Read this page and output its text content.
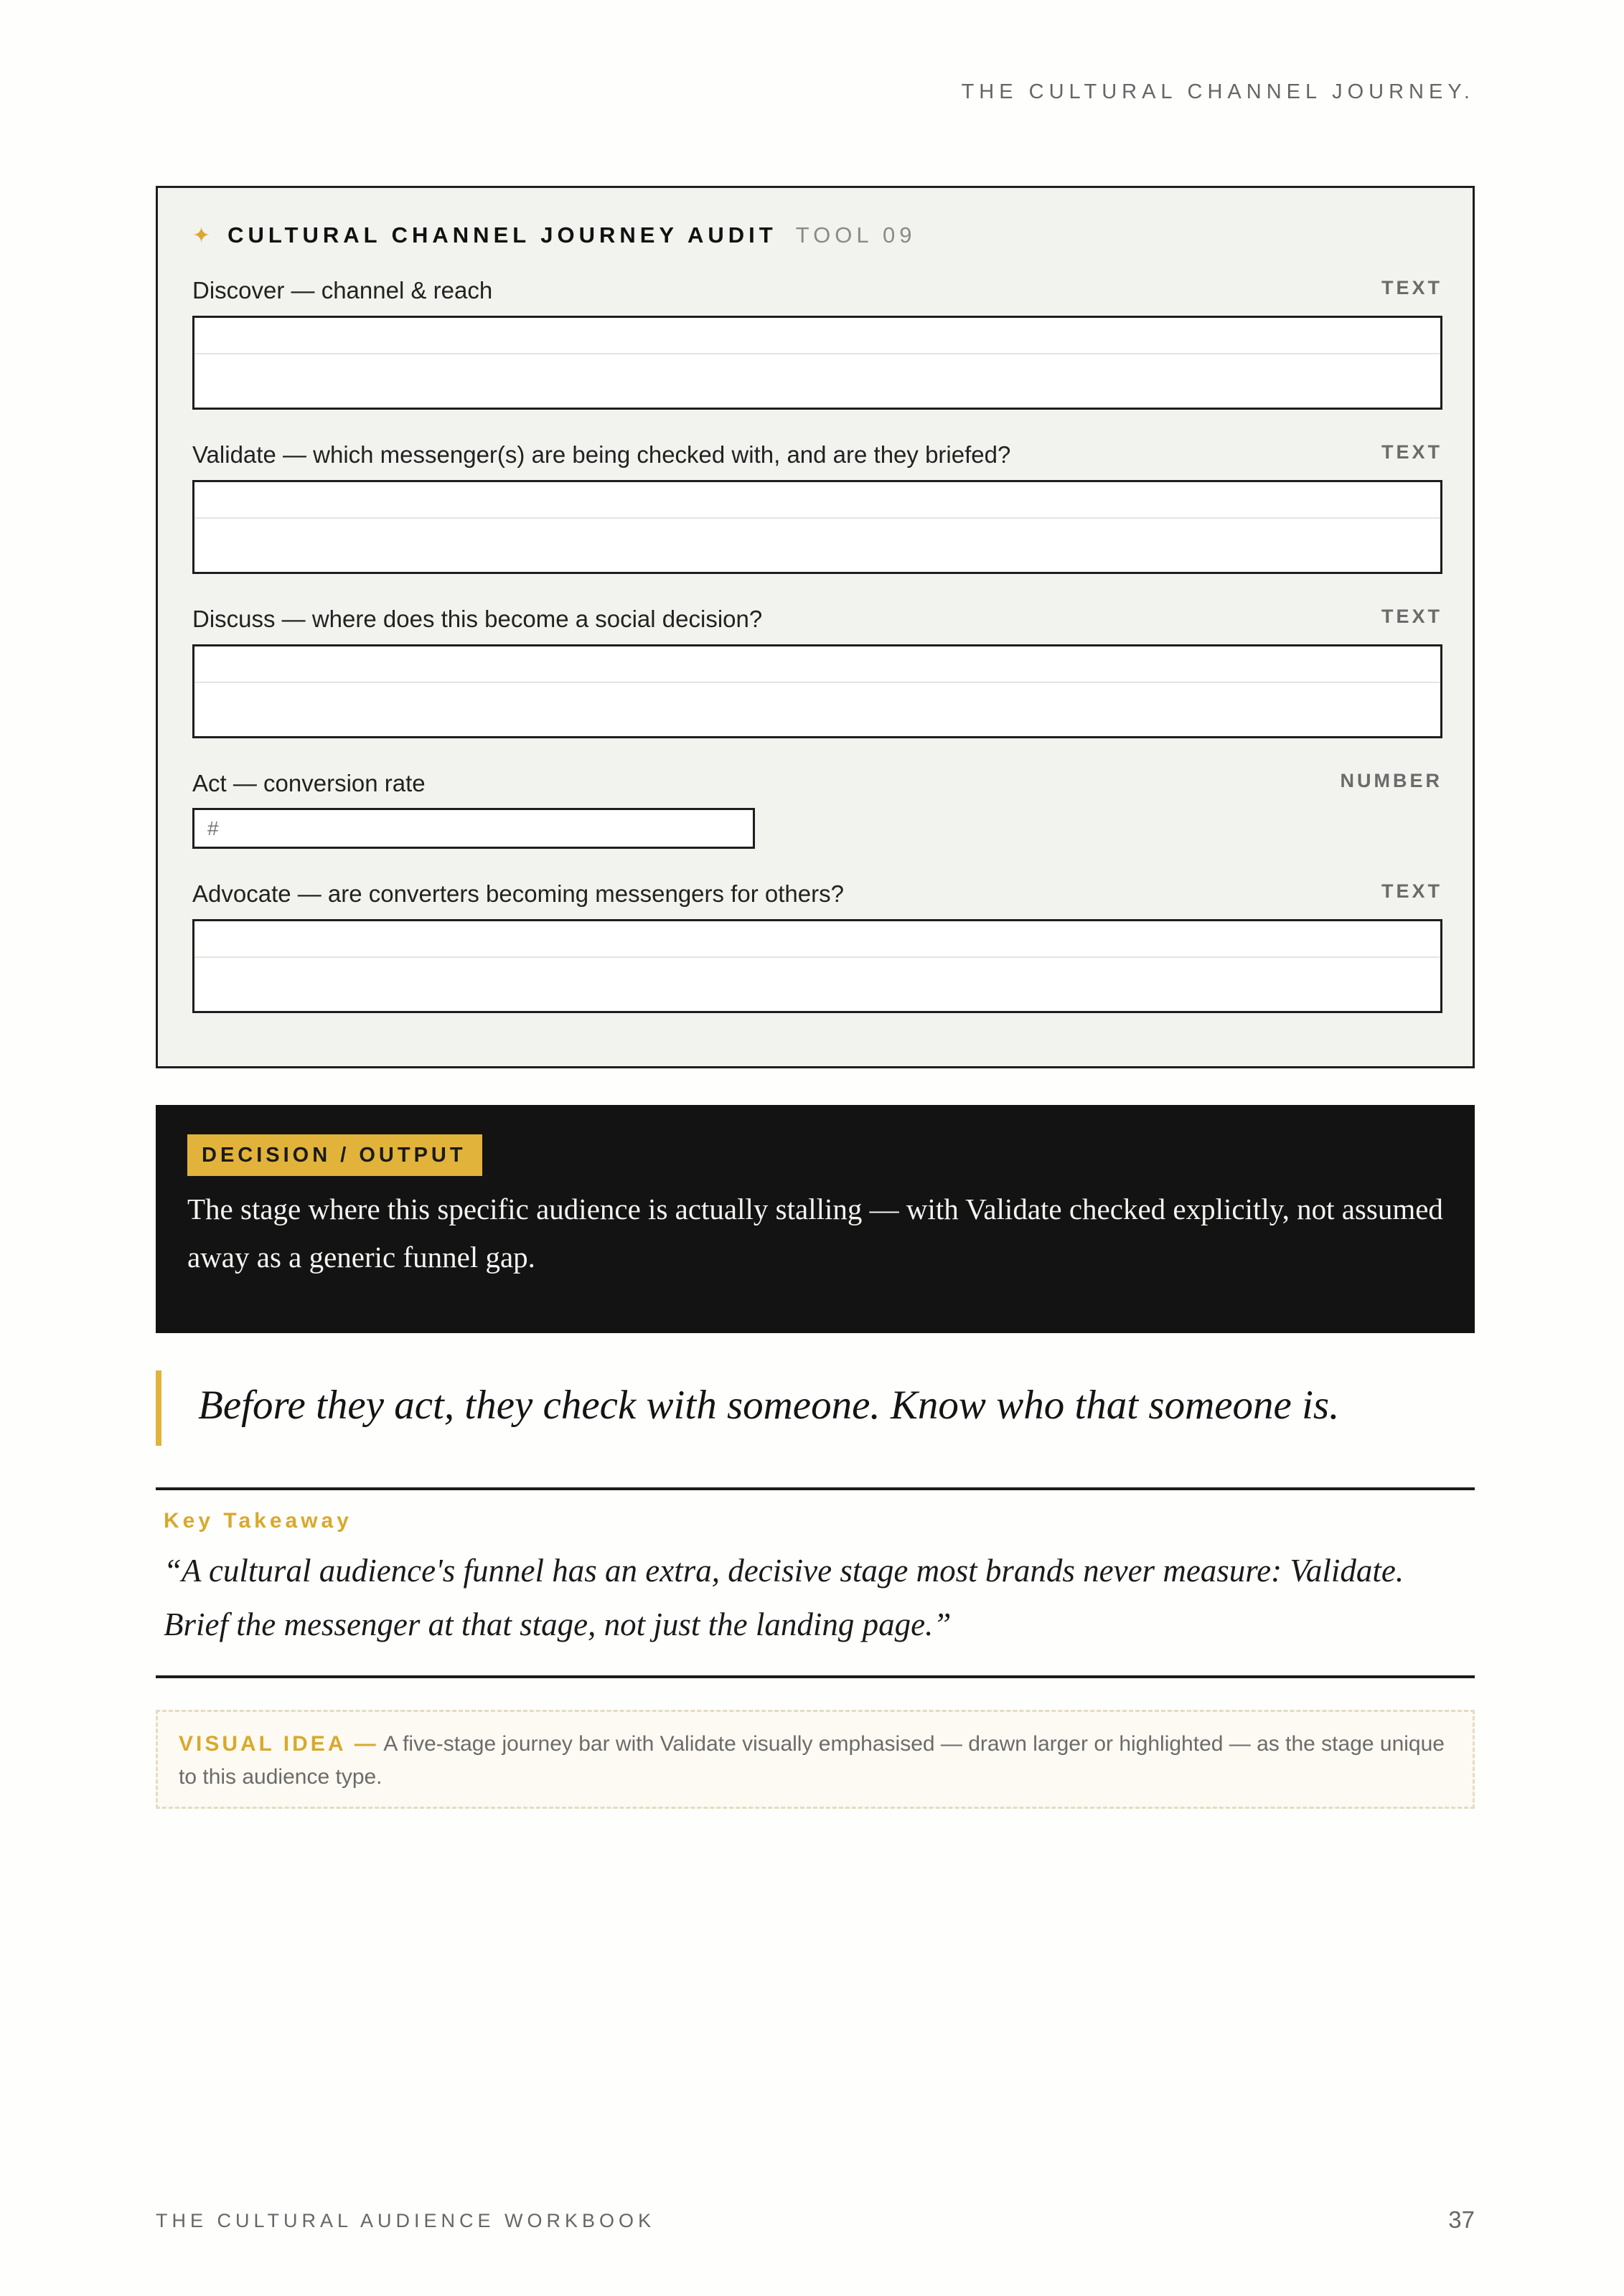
THE CULTURAL CHANNEL JOURNEY.
✦ CULTURAL CHANNEL JOURNEY AUDIT TOOL 09
Discover — channel & reach	TEXT
Validate — which messenger(s) are being checked with, and are they briefed?	TEXT
Discuss — where does this become a social decision?	TEXT
Act — conversion rate	NUMBER
#
Advocate — are converters becoming messengers for others?	TEXT
DECISION / OUTPUT
The stage where this specific audience is actually stalling — with Validate checked explicitly, not assumed away as a generic funnel gap.
Before they act, they check with someone. Know who that someone is.
Key Takeaway
“A cultural audience's funnel has an extra, decisive stage most brands never measure: Validate. Brief the messenger at that stage, not just the landing page.”
VISUAL IDEA — A five-stage journey bar with Validate visually emphasised — drawn larger or highlighted — as the stage unique to this audience type.
THE CULTURAL AUDIENCE WORKBOOK	37
